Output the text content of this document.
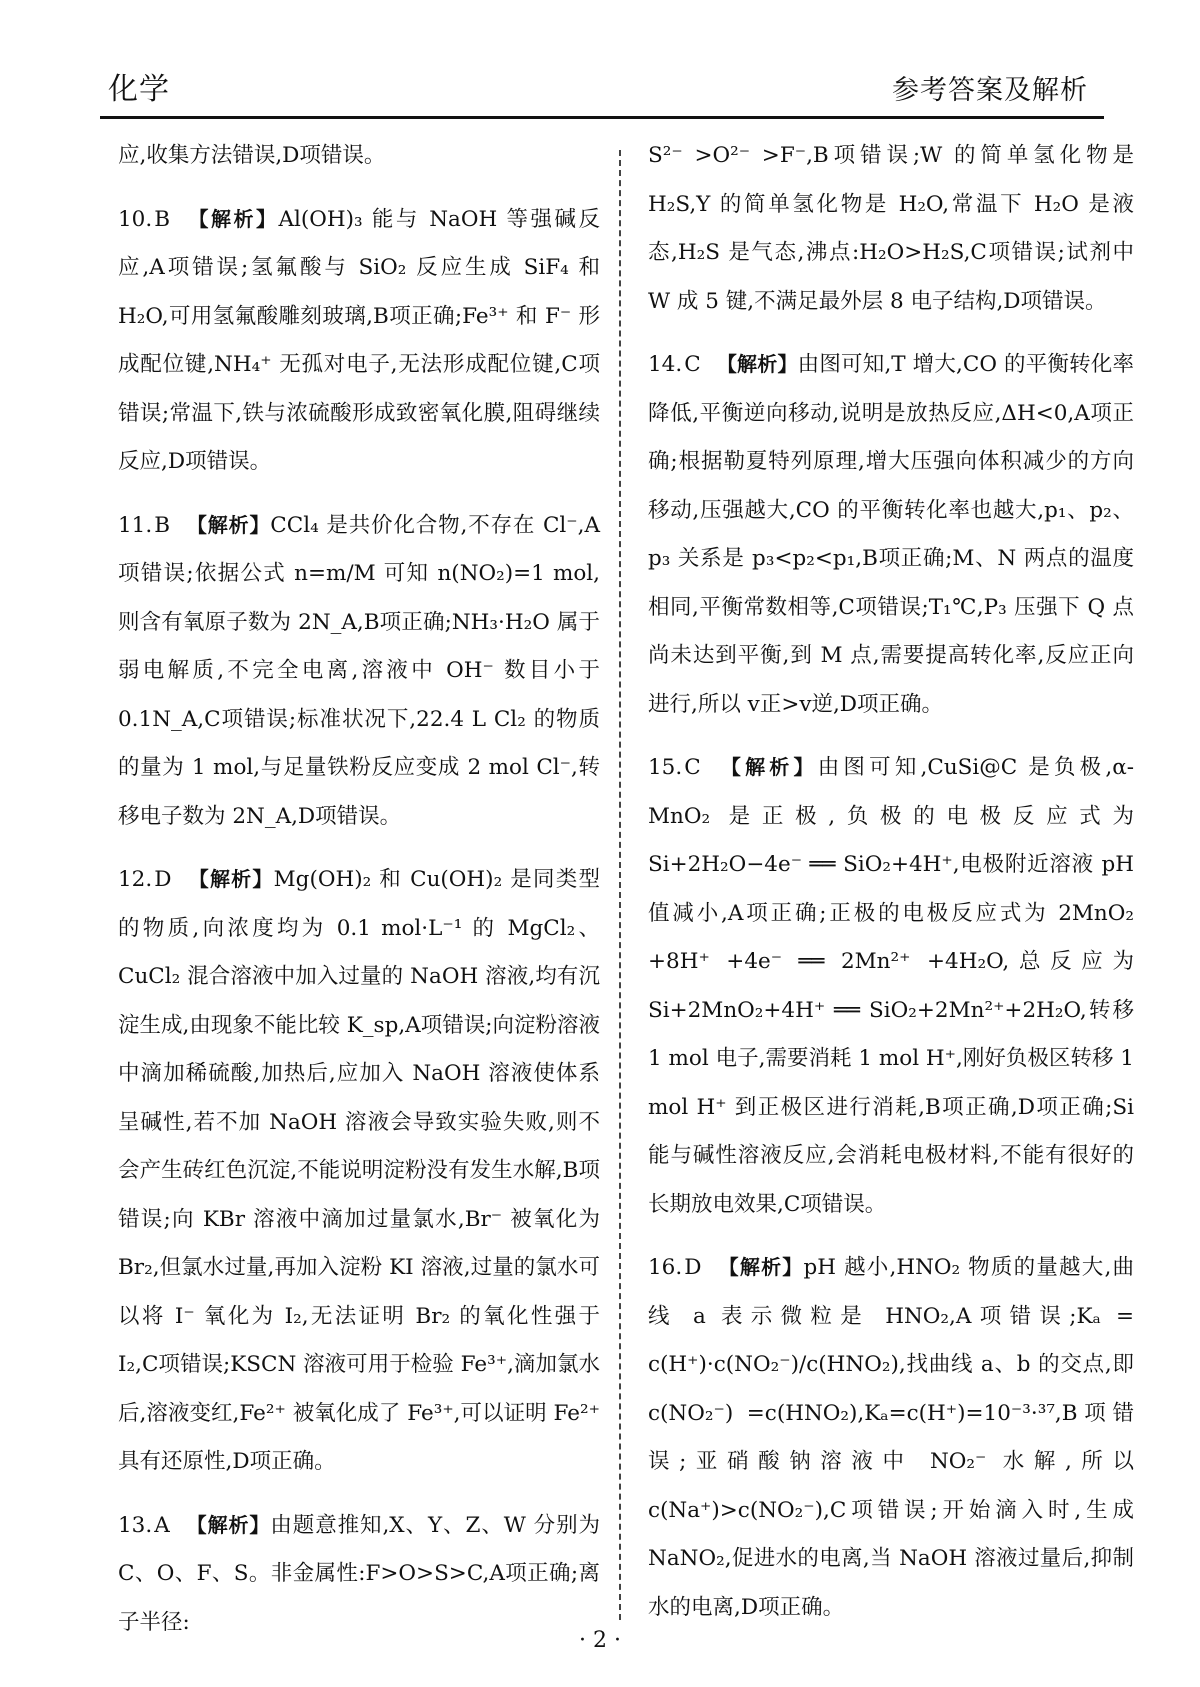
化学	参考答案及解析

应,收集方法错误,D项错误。

10.B 【解析】Al(OH)₃ 能与 NaOH 等强碱反应,A项错误;氢氟酸与 SiO₂ 反应生成 SiF₄ 和 H₂O,可用氢氟酸雕刻玻璃,B项正确;Fe³⁺ 和 F⁻ 形成配位键,NH₄⁺ 无孤对电子,无法形成配位键,C项错误;常温下,铁与浓硫酸形成致密氧化膜,阻碍继续反应,D项错误。

11.B 【解析】CCl₄ 是共价化合物,不存在 Cl⁻,A项错误;依据公式 n=m/M 可知 n(NO₂)=1 mol,则含有氧原子数为 2N_A,B项正确;NH₃·H₂O 属于弱电解质,不完全电离,溶液中 OH⁻ 数目小于0.1N_A,C项错误;标准状况下,22.4 L Cl₂ 的物质的量为 1 mol,与足量铁粉反应变成 2 mol Cl⁻,转移电子数为 2N_A,D项错误。

12.D 【解析】Mg(OH)₂ 和 Cu(OH)₂ 是同类型的物质,向浓度均为 0.1 mol·L⁻¹ 的 MgCl₂、CuCl₂ 混合溶液中加入过量的 NaOH 溶液,均有沉淀生成,由现象不能比较 K_sp,A项错误;向淀粉溶液中滴加稀硫酸,加热后,应加入 NaOH 溶液使体系呈碱性,若不加 NaOH 溶液会导致实验失败,则不会产生砖红色沉淀,不能说明淀粉没有发生水解,B项错误;向 KBr 溶液中滴加过量氯水,Br⁻ 被氧化为 Br₂,但氯水过量,再加入淀粉 KI 溶液,过量的氯水可以将 I⁻ 氧化为 I₂,无法证明 Br₂ 的氧化性强于 I₂,C项错误;KSCN 溶液可用于检验 Fe³⁺,滴加氯水后,溶液变红,Fe²⁺ 被氧化成了 Fe³⁺,可以证明 Fe²⁺ 具有还原性,D项正确。

13.A 【解析】由题意推知,X、Y、Z、W 分别为 C、O、F、S。非金属性:F>O>S>C,A项正确;离子半径:

S²⁻ >O²⁻ >F⁻,B项错误;W 的简单氢化物是 H₂S,Y 的简单氢化物是 H₂O,常温下 H₂O 是液态,H₂S 是气态,沸点:H₂O>H₂S,C项错误;试剂中 W 成 5 键,不满足最外层 8 电子结构,D项错误。

14.C 【解析】由图可知,T 增大,CO 的平衡转化率降低,平衡逆向移动,说明是放热反应,ΔH<0,A项正确;根据勒夏特列原理,增大压强向体积减少的方向移动,压强越大,CO 的平衡转化率也越大,p₁、p₂、p₃ 关系是 p₃<p₂<p₁,B项正确;M、N 两点的温度相同,平衡常数相等,C项错误;T₁℃,P₃ 压强下 Q 点尚未达到平衡,到 M 点,需要提高转化率,反应正向进行,所以 v正>v逆,D项正确。

15.C 【解析】由图可知,CuSi@C 是负极,α-MnO₂ 是正极,负极的电极反应式为 Si+2H₂O−4e⁻ ══ SiO₂+4H⁺,电极附近溶液 pH 值减小,A项正确;正极的电极反应式为 2MnO₂ +8H⁺ +4e⁻ ══ 2Mn²⁺ +4H₂O,总反应为 Si+2MnO₂+4H⁺ ══ SiO₂+2Mn²⁺+2H₂O,转移 1 mol 电子,需要消耗 1 mol H⁺,刚好负极区转移 1 mol H⁺ 到正极区进行消耗,B项正确,D项正确;Si 能与碱性溶液反应,会消耗电极材料,不能有很好的长期放电效果,C项错误。

16.D 【解析】pH 越小,HNO₂ 物质的量越大,曲线 a 表示微粒是 HNO₂,A项错误;Kₐ = c(H⁺)·c(NO₂⁻)/c(HNO₂),找曲线 a、b 的交点,即 c(NO₂⁻) =c(HNO₂),Kₐ=c(H⁺)=10⁻³·³⁷,B项错误;亚硝酸钠溶液中 NO₂⁻ 水解,所以 c(Na⁺)>c(NO₂⁻),C项错误;开始滴入时,生成 NaNO₂,促进水的电离,当 NaOH 溶液过量后,抑制水的电离,D项正确。

· 2 ·
